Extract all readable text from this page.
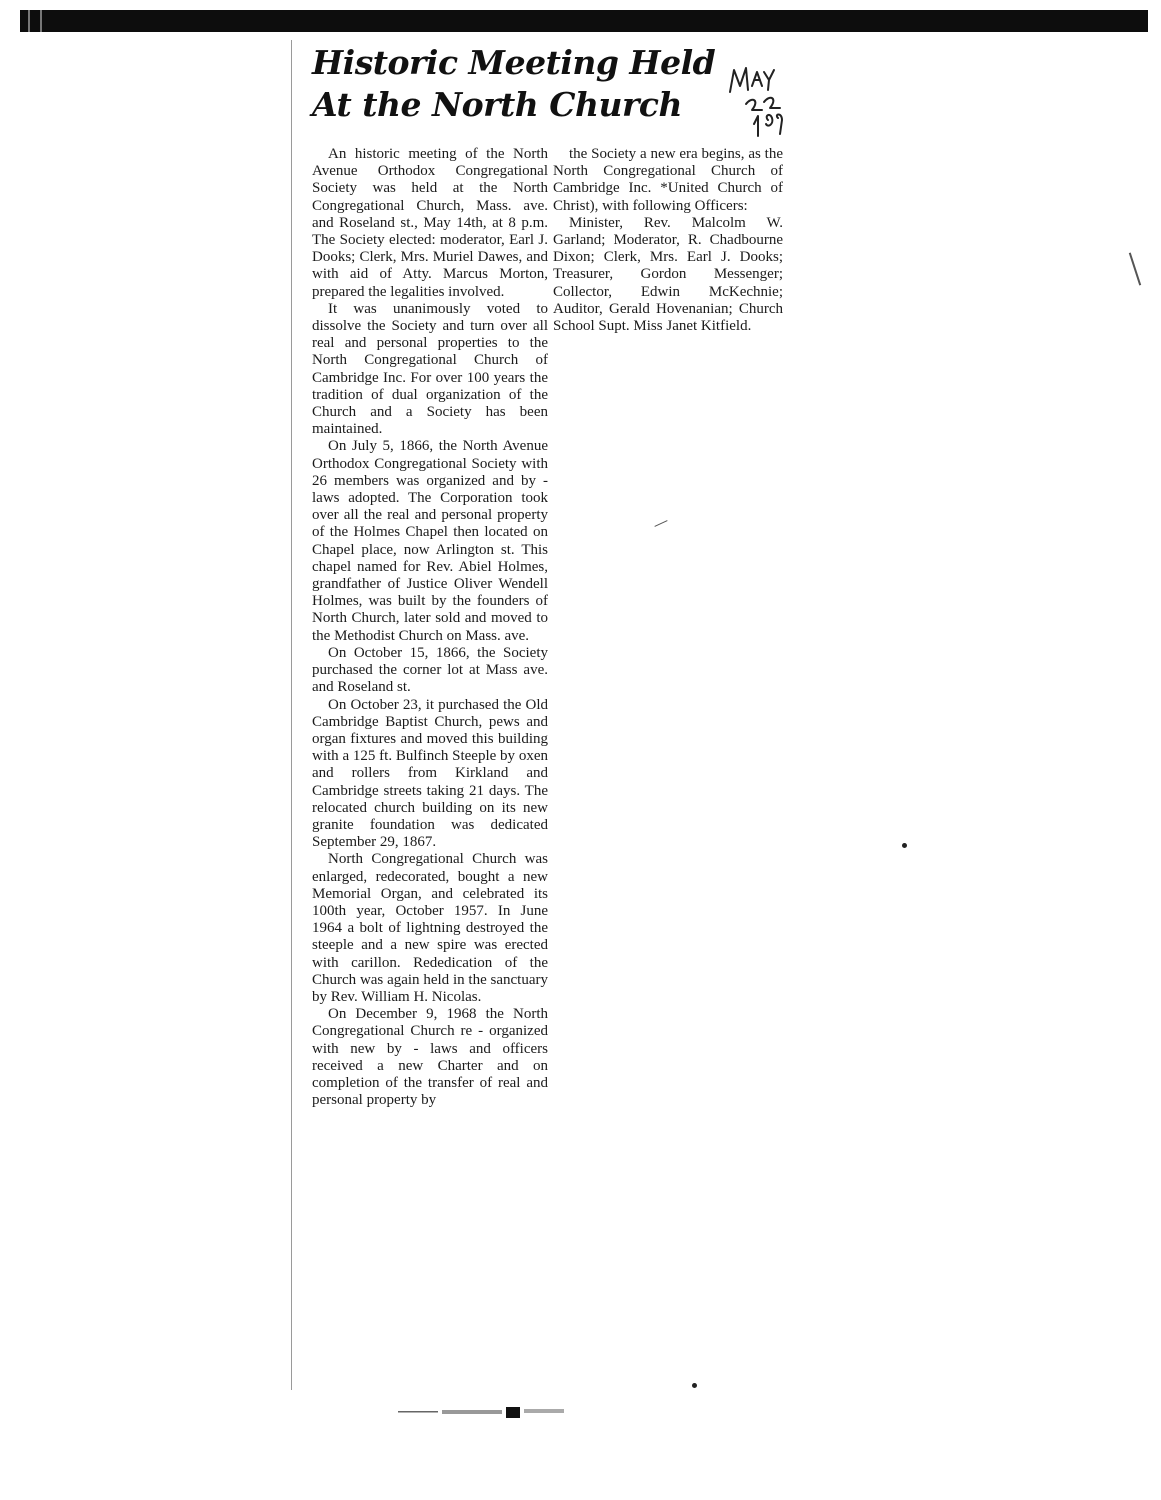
Historic Meeting Held
At the North Church

An historic meeting of the North Avenue Orthodox Congregational Society was held at the North Congregational Church, Mass. ave. and Roseland st., May 14th, at 8 p.m. The Society elected: moderator, Earl J. Dooks; Clerk, Mrs. Muriel Dawes, and with aid of Atty. Marcus Morton, prepared the legalities involved.

It was unanimously voted to dissolve the Society and turn over all real and personal properties to the North Congregational Church of Cambridge Inc. For over 100 years the tradition of dual organization of the Church and a Society has been maintained.

On July 5, 1866, the North Avenue Orthodox Congregational Society with 26 members was organized and by - laws adopted. The Corporation took over all the real and personal property of the Holmes Chapel then located on Chapel place, now Arlington st. This chapel named for Rev. Abiel Holmes, grandfather of Justice Oliver Wendell Holmes, was built by the founders of North Church, later sold and moved to the Methodist Church on Mass. ave.

On October 15, 1866, the Society purchased the corner lot at Mass ave. and Roseland st.

On October 23, it purchased the Old Cambridge Baptist Church, pews and organ fixtures and moved this building with a 125 ft. Bulfinch Steeple by oxen and rollers from Kirkland and Cambridge streets taking 21 days. The relocated church building on its new granite foundation was dedicated September 29, 1867.

North Congregational Church was enlarged, redecorated, bought a new Memorial Organ, and celebrated its 100th year, October 1957. In June 1964 a bolt of lightning destroyed the steeple and a new spire was erected with carillon. Rededication of the Church was again held in the sanctuary by Rev. William H. Nicolas.

On December 9, 1968 the North Congregational Church re - organized with new by - laws and officers received a new Charter and on completion of the transfer of real and personal property by

the Society a new era begins, as the North Congregational Church of Cambridge Inc. *United Church of Christ), with following Officers:

Minister, Rev. Malcolm W. Garland; Moderator, R. Chadbourne Dixon; Clerk, Mrs. Earl J. Dooks; Treasurer, Gordon Messenger; Collector, Edwin McKechnie; Auditor, Gerald Hovenanian; Church School Supt. Miss Janet Kitfield.
